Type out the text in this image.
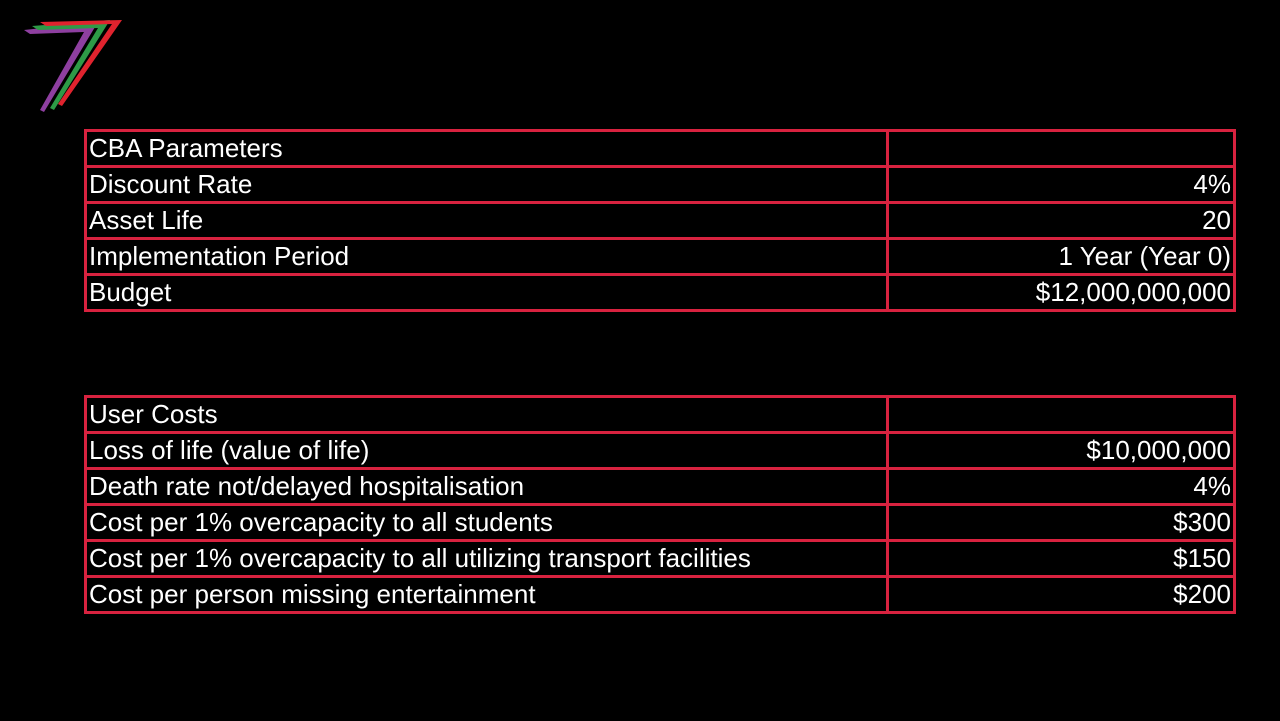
CBA Parameters	
Discount Rate	4%
Asset Life	20
Implementation Period	1 Year (Year 0)
Budget	$12,000,000,000
User Costs	
Loss of life (value of life)	$10,000,000
Death rate not/delayed hospitalisation	4%
Cost per 1% overcapacity to all students	$300
Cost per 1% overcapacity to all utilizing transport facilities	$150
Cost per person missing entertainment	$200
